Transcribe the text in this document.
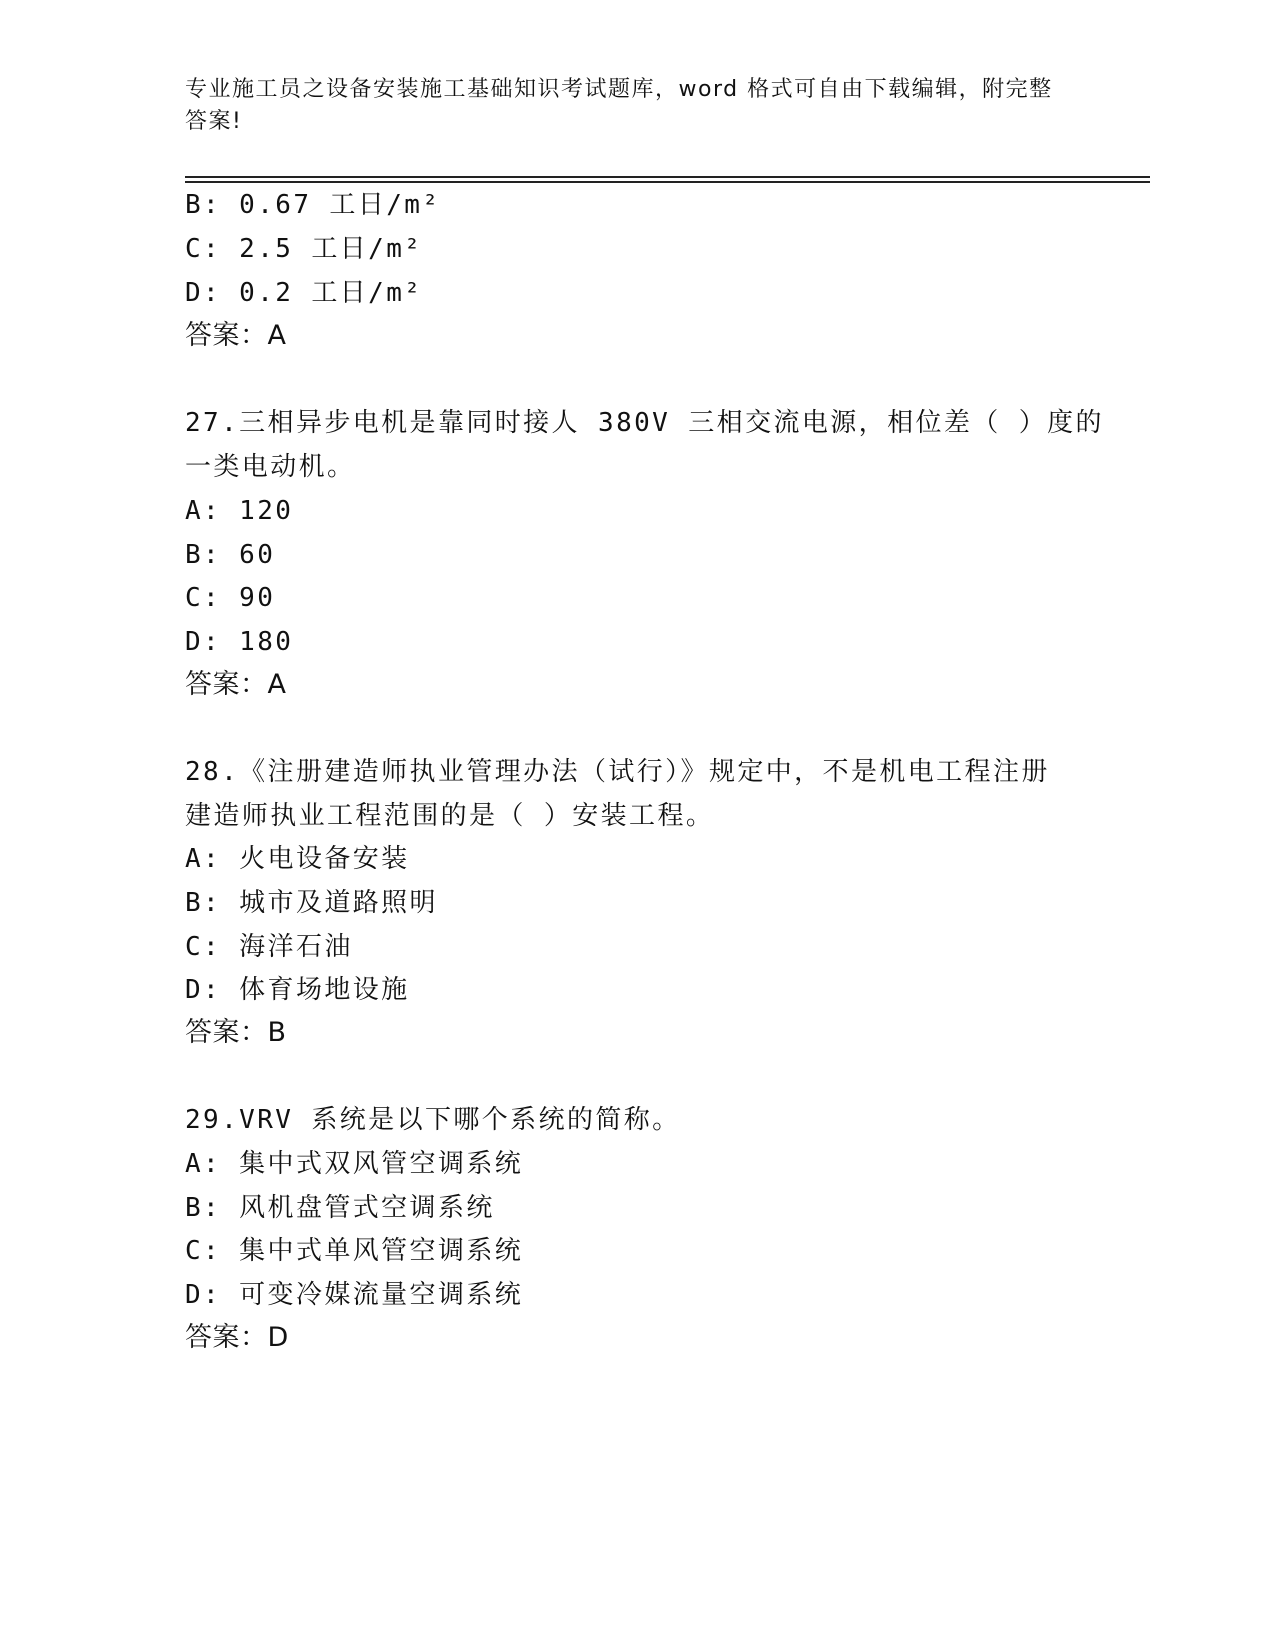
专业施工员之设备安装施工基础知识考试题库，word 格式可自由下载编辑，附完整答案!
B: 0.67 工日/m²
C: 2.5 工日/m²
D: 0.2 工日/m²
答案：A
27.三相异步电机是靠同时接人 380V 三相交流电源，相位差（ ）度的
一类电动机。
A: 120
B: 60
C: 90
D: 180
答案：A
28.《注册建造师执业管理办法（试行）》规定中，不是机电工程注册
建造师执业工程范围的是（ ）安装工程。
A: 火电设备安装
B: 城市及道路照明
C: 海洋石油
D: 体育场地设施
答案：B
29.VRV 系统是以下哪个系统的简称。
A: 集中式双风管空调系统
B: 风机盘管式空调系统
C: 集中式单风管空调系统
D: 可变冷媒流量空调系统
答案：D
